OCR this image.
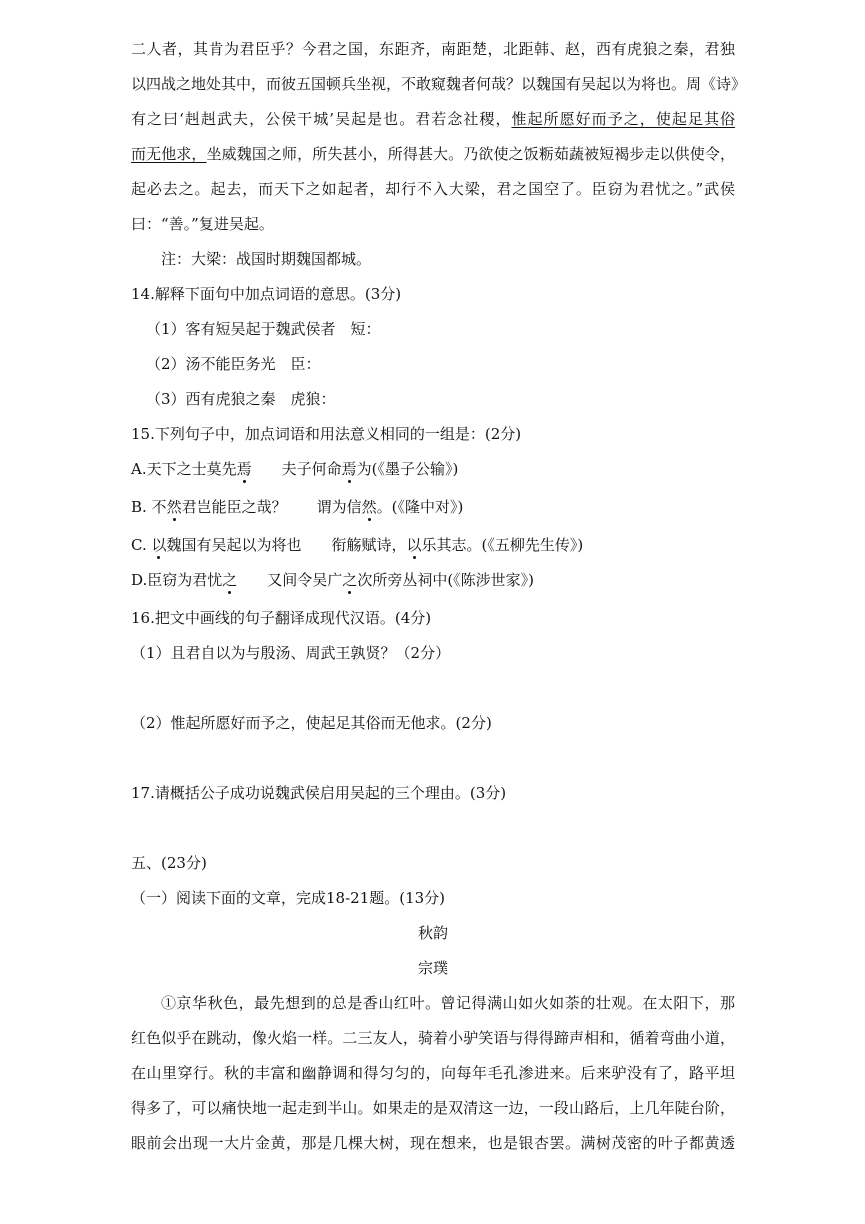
二人者，其肯为君臣乎？今君之国，东距齐，南距楚，北距韩、赵，西有虎狼之秦，君独
以四战之地处其中，而彼五国顿兵坐视，不敢窥魏者何哉？以魏国有吴起以为将也。周《诗》
有之曰‘赳赳武夫，公侯干城’吴起是也。君若念社稷，惟起所愿好而予之，使起足其俗
而无他求，坐威魏国之师，所失甚小，所得甚大。乃欲使之饭粝茹蔬被短褐步走以供使令，
起必去之。起去，而天下之如起者，却行不入大梁，君之国空了。臣窃为君忧之。”武侯
曰：“善。”复进吴起。
注：大梁：战国时期魏国都城。
14.解释下面句中加点词语的意思。(3分)
（1）客有短吴起于魏武侯者　短：
（2）汤不能臣务光　臣：
（3）西有虎狼之秦　虎狼：
15.下列句子中，加点词语和用法意义相同的一组是：(2分)
A.天下之士莫先焉　　夫子何命焉为(《墨子公输》)
B. 不然君岂能臣之哉？　　谓为信然。(《隆中对》)
C. 以魏国有吴起以为将也　　衔觞赋诗，以乐其志。(《五柳先生传》)
D.臣窃为君忧之　　又间令吴广之次所旁丛祠中(《陈涉世家》)
16.把文中画线的句子翻译成现代汉语。(4分)
（1）且君自以为与殷汤、周武王孰贤？（2分）
（2）惟起所愿好而予之，使起足其俗而无他求。(2分)
17.请概括公子成功说魏武侯启用吴起的三个理由。(3分)
五、(23分)
（一）阅读下面的文章，完成18-21题。(13分)
秋韵
宗璞
①京华秋色，最先想到的总是香山红叶。曾记得满山如火如荼的壮观。在太阳下，那
红色似乎在跳动，像火焰一样。二三友人，骑着小驴笑语与得得蹄声相和，循着弯曲小道，
在山里穿行。秋的丰富和幽静调和得匀匀的，向每年毛孔渗进来。后来驴没有了，路平坦
得多了，可以痛快地一起走到半山。如果走的是双清这一边，一段山路后，上几年陡台阶，
眼前会出现一大片金黄，那是几棵大树，现在想来，也是银杏罢。满树茂密的叶子都黄透
